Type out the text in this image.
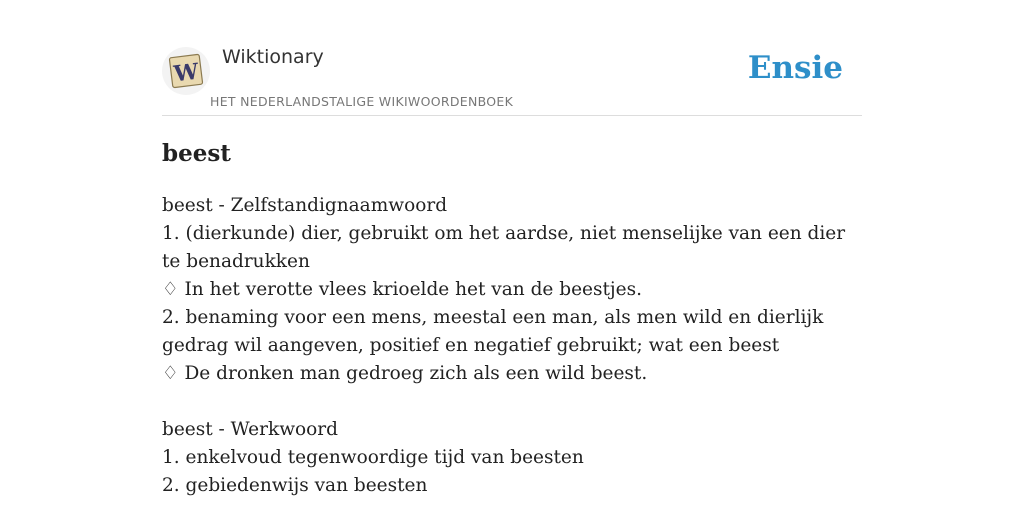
W
Wiktionary
HET NEDERLANDSTALIGE WIKIWOORDENBOEK
Ensie
beest
beest - Zelfstandignaamwoord
1. (dierkunde) dier, gebruikt om het aardse, niet menselijke van een dier te benadrukken
♢ In het verotte vlees krioelde het van de beestjes.
2. benaming voor een mens, meestal een man, als men wild en dierlijk gedrag wil aangeven, positief en negatief gebruikt; wat een beest
♢ De dronken man gedroeg zich als een wild beest.
beest - Werkwoord
1. enkelvoud tegenwoordige tijd van beesten
2. gebiedenwijs van beesten
